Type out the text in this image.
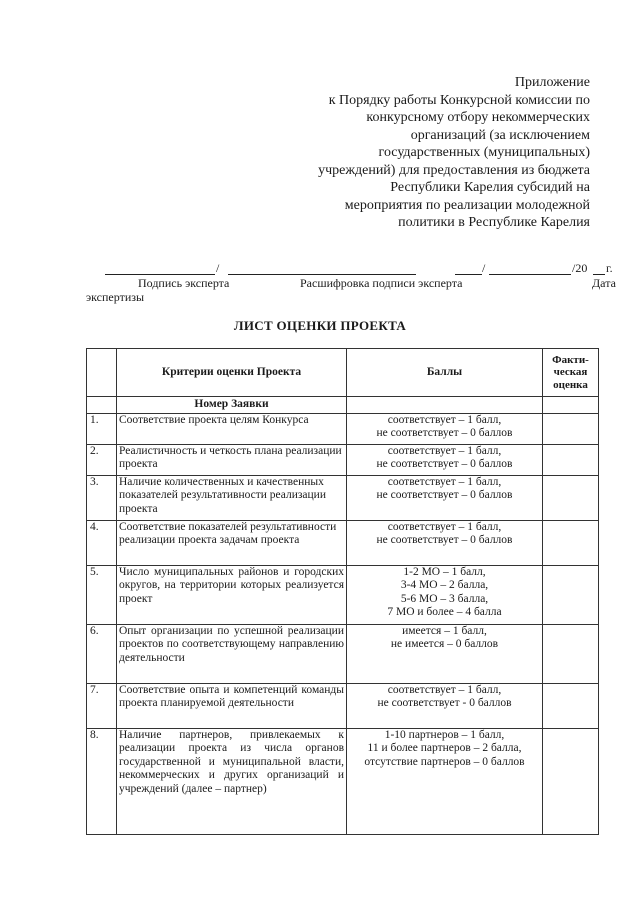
Приложение
к Порядку работы Конкурсной комиссии по
конкурсному отбору некоммерческих
организаций (за исключением
государственных (муниципальных)
учреждений) для предоставления из бюджета
Республики Карелия субсидий на
мероприятия по реализации молодежной
политики в Республике Карелия
/	/	/20 г.
Подпись эксперта	Расшифровка подписи эксперта	Дата
экспертизы
ЛИСТ ОЦЕНКИ ПРОЕКТА
	Критерии оценки Проекта	Баллы	Факти-ческая оценка
	Номер Заявки		
1.	Соответствие проекта целям Конкурса	соответствует – 1 балл,
не соответствует – 0 баллов	
2.	Реалистичность и четкость плана реализации проекта	соответствует – 1 балл,
не соответствует – 0 баллов	
3.	Наличие количественных и качественных показателей результативности реализации проекта	соответствует – 1 балл,
не соответствует – 0 баллов	
4.	Соответствие показателей результативности реализации проекта задачам проекта	соответствует – 1 балл,
не соответствует – 0 баллов	
5.	Число муниципальных районов и городских округов, на территории которых реализуется проект	1-2 МО – 1 балл,
3-4 МО – 2 балла,
5-6 МО – 3 балла,
7 МО и более – 4 балла	
6.	Опыт организации по успешной реализации проектов по соответствующему направлению деятельности	имеется – 1 балл,
не имеется – 0 баллов	
7.	Соответствие опыта и компетенций команды проекта планируемой деятельности	соответствует – 1 балл,
не соответствует - 0 баллов	
8.	Наличие партнеров, привлекаемых к реализации проекта из числа органов государственной и муниципальной власти, некоммерческих и других организаций и учреждений (далее – партнер)	1-10 партнеров – 1 балл,
11 и более партнеров – 2 балла,
отсутствие партнеров – 0 баллов	
